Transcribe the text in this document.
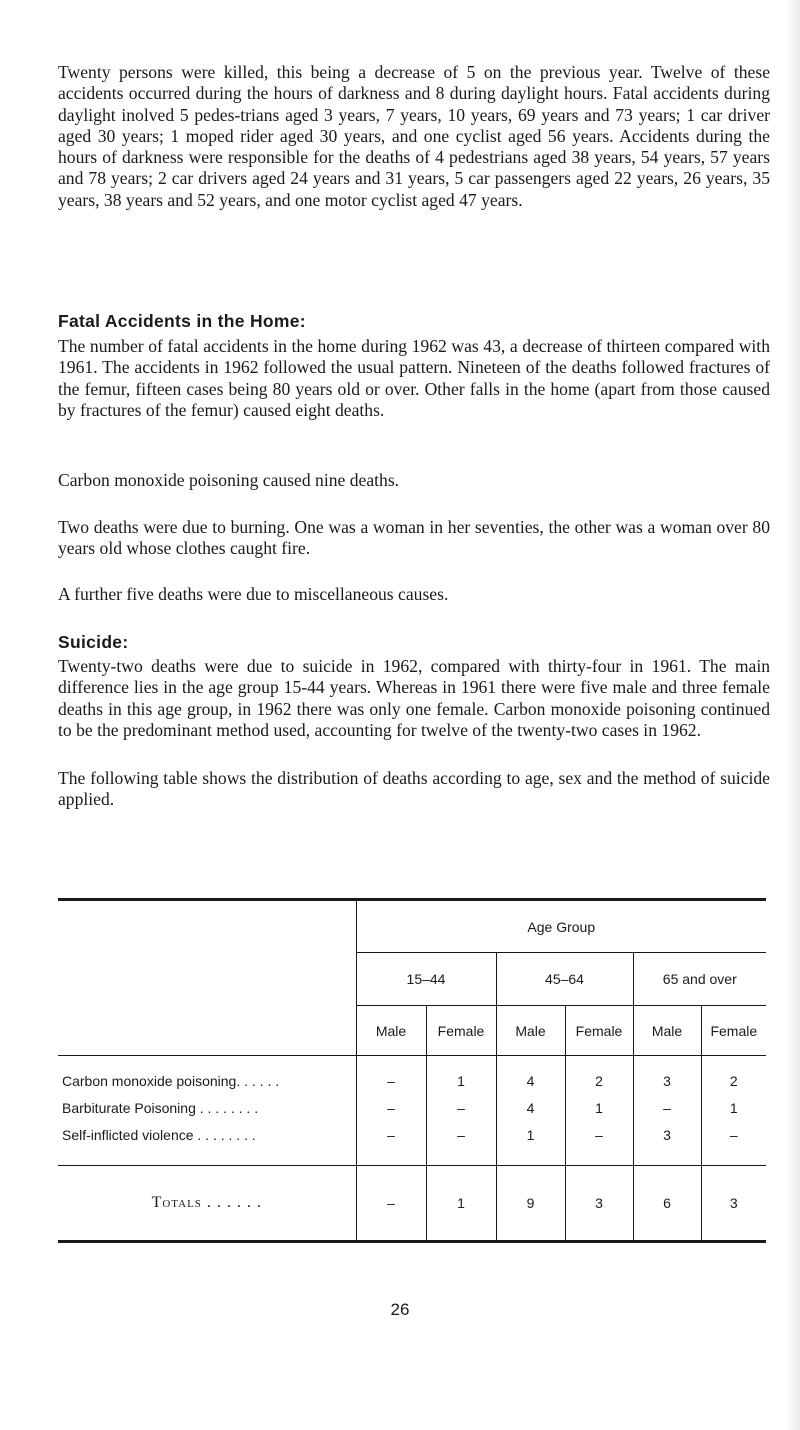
Twenty persons were killed, this being a decrease of 5 on the previous year. Twelve of these accidents occurred during the hours of darkness and 8 during daylight hours. Fatal accidents during daylight inolved 5 pedes-trians aged 3 years, 7 years, 10 years, 69 years and 73 years; 1 car driver aged 30 years; 1 moped rider aged 30 years, and one cyclist aged 56 years. Accidents during the hours of darkness were responsible for the deaths of 4 pedestrians aged 38 years, 54 years, 57 years and 78 years; 2 car drivers aged 24 years and 31 years, 5 car passengers aged 22 years, 26 years, 35 years, 38 years and 52 years, and one motor cyclist aged 47 years.

Fatal Accidents in the Home:

The number of fatal accidents in the home during 1962 was 43, a decrease of thirteen compared with 1961. The accidents in 1962 followed the usual pattern. Nineteen of the deaths followed fractures of the femur, fifteen cases being 80 years old or over. Other falls in the home (apart from those caused by fractures of the femur) caused eight deaths.

Carbon monoxide poisoning caused nine deaths.

Two deaths were due to burning. One was a woman in her seventies, the other was a woman over 80 years old whose clothes caught fire.

A further five deaths were due to miscellaneous causes.

Suicide:

Twenty-two deaths were due to suicide in 1962, compared with thirty-four in 1961. The main difference lies in the age group 15-44 years. Whereas in 1961 there were five male and three female deaths in this age group, in 1962 there was only one female. Carbon monoxide poisoning continued to be the predominant method used, accounting for twelve of the twenty-two cases in 1962.

The following table shows the distribution of deaths according to age, sex and the method of suicide applied.

	Age Group					
	15–44		45–64		65 and over	
	Male	Female	Male	Female	Male	Female

Carbon monoxide poisoning. . . . . .	–	1	4	2	3	2
Barbiturate Poisoning . . . . . . . .	–	–	4	1	–	1
Self-inflicted violence . . . . . . . .	–	–	1	–	3	–

Totals . . . . . .	–	1	9	3	6	3
26
